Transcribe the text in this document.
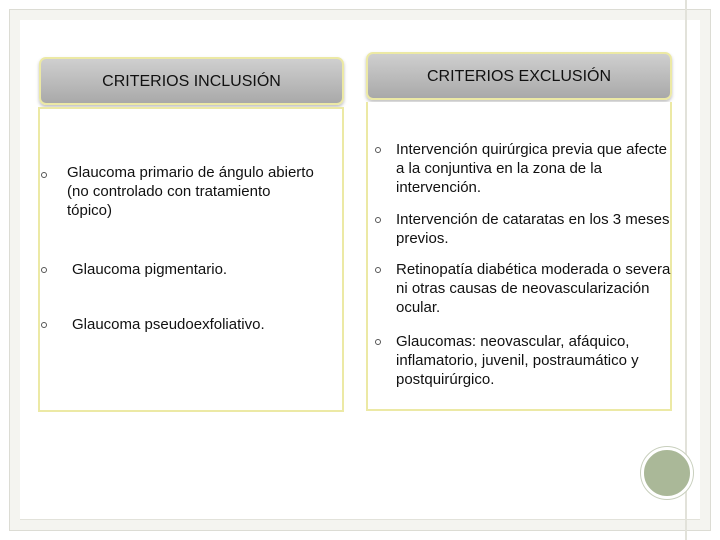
CRITERIOS INCLUSIÓN
Glaucoma primario de ángulo abierto (no controlado con tratamiento tópico)
Glaucoma pigmentario.
Glaucoma pseudoexfoliativo.
CRITERIOS EXCLUSIÓN
Intervención quirúrgica previa que afecte a la conjuntiva en la zona de la intervención.
Intervención de cataratas en los 3 meses previos.
Retinopatía diabética moderada o severa ni otras causas de neovascularización ocular.
Glaucomas: neovascular, afáquico, inflamatorio, juvenil, postraumático y postquirúrgico.
